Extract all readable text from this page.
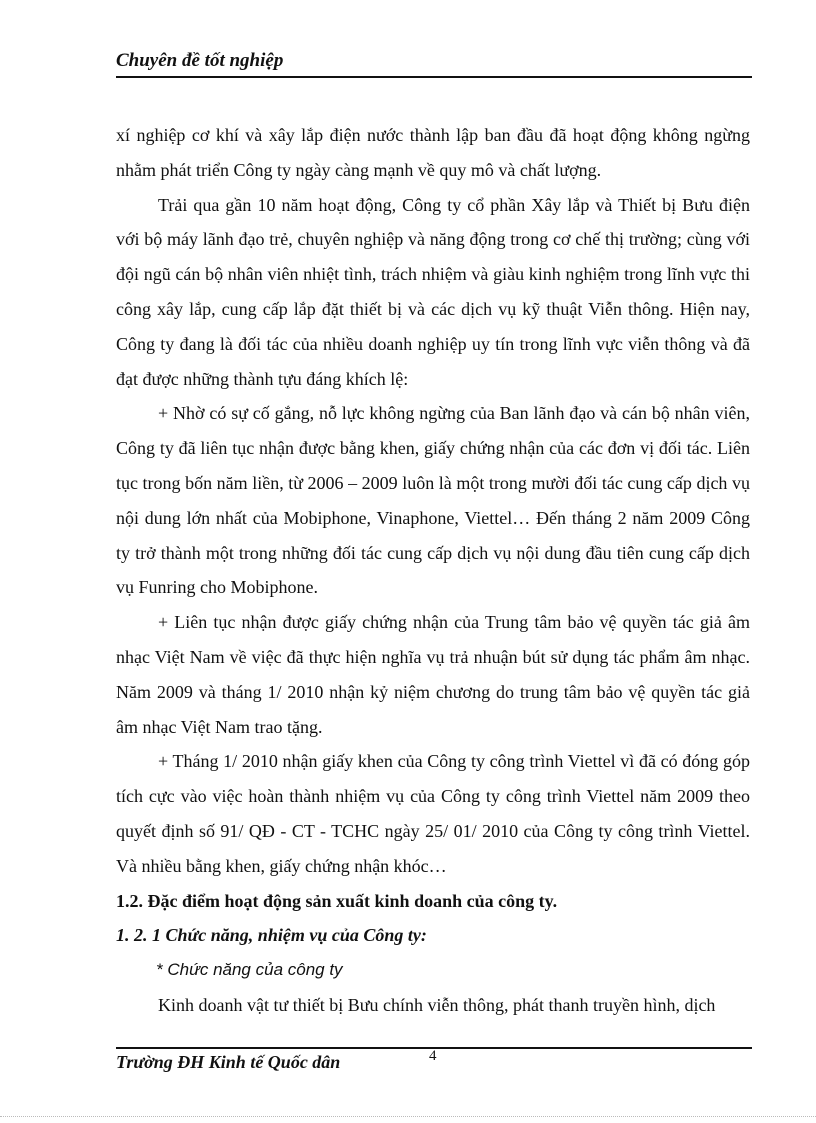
Chuyên đề tốt nghiệp

xí nghiệp cơ khí và xây lắp điện nước thành lập ban đầu đã hoạt động không ngừng nhằm phát triển Công ty ngày càng mạnh về quy mô và chất lượng.

Trải qua gần 10 năm hoạt động, Công ty cổ phần Xây lắp và Thiết bị Bưu điện với bộ máy lãnh đạo trẻ, chuyên nghiệp và năng động trong cơ chế thị trường; cùng với đội ngũ cán bộ nhân viên nhiệt tình, trách nhiệm và giàu kinh nghiệm trong lĩnh vực thi công xây lắp, cung cấp lắp đặt thiết bị và các dịch vụ kỹ thuật Viễn thông. Hiện nay, Công ty đang là đối tác của nhiều doanh nghiệp uy tín trong lĩnh vực viễn thông và đã đạt được những thành tựu đáng khích lệ:

+ Nhờ có sự cố gắng, nỗ lực không ngừng của Ban lãnh đạo và cán bộ nhân viên, Công ty đã liên tục nhận được bằng khen, giấy chứng nhận của các đơn vị đối tác. Liên tục trong bốn năm liền, từ 2006 – 2009 luôn là một trong mười đối tác cung cấp dịch vụ nội dung lớn nhất của Mobiphone, Vinaphone, Viettel… Đến tháng 2 năm 2009 Công ty trở thành một trong những đối tác cung cấp dịch vụ nội dung đầu tiên cung cấp dịch vụ Funring cho Mobiphone.

+ Liên tục nhận được giấy chứng nhận của Trung tâm bảo vệ quyền tác giả âm nhạc Việt Nam về việc đã thực hiện nghĩa vụ trả nhuận bút sử dụng tác phẩm âm nhạc. Năm 2009 và tháng 1/ 2010 nhận kỷ niệm chương do trung tâm bảo vệ quyền tác giả âm nhạc Việt Nam trao tặng.

+ Tháng 1/ 2010 nhận giấy khen của Công ty công trình Viettel vì đã có đóng góp tích cực vào việc hoàn thành nhiệm vụ của Công ty công trình Viettel năm 2009 theo quyết định số 91/ QĐ - CT - TCHC ngày 25/ 01/ 2010 của Công ty công trình Viettel. Và nhiều bằng khen, giấy chứng nhận khóc…

1.2. Đặc điểm hoạt động sản xuất kinh doanh của công ty.

1. 2. 1 Chức năng, nhiệm vụ của Công ty:

* Chức năng của công ty

Kinh doanh vật tư thiết bị Bưu chính viễn thông, phát thanh truyền hình, dịch

Trường ĐH Kinh tế Quốc dân	4
